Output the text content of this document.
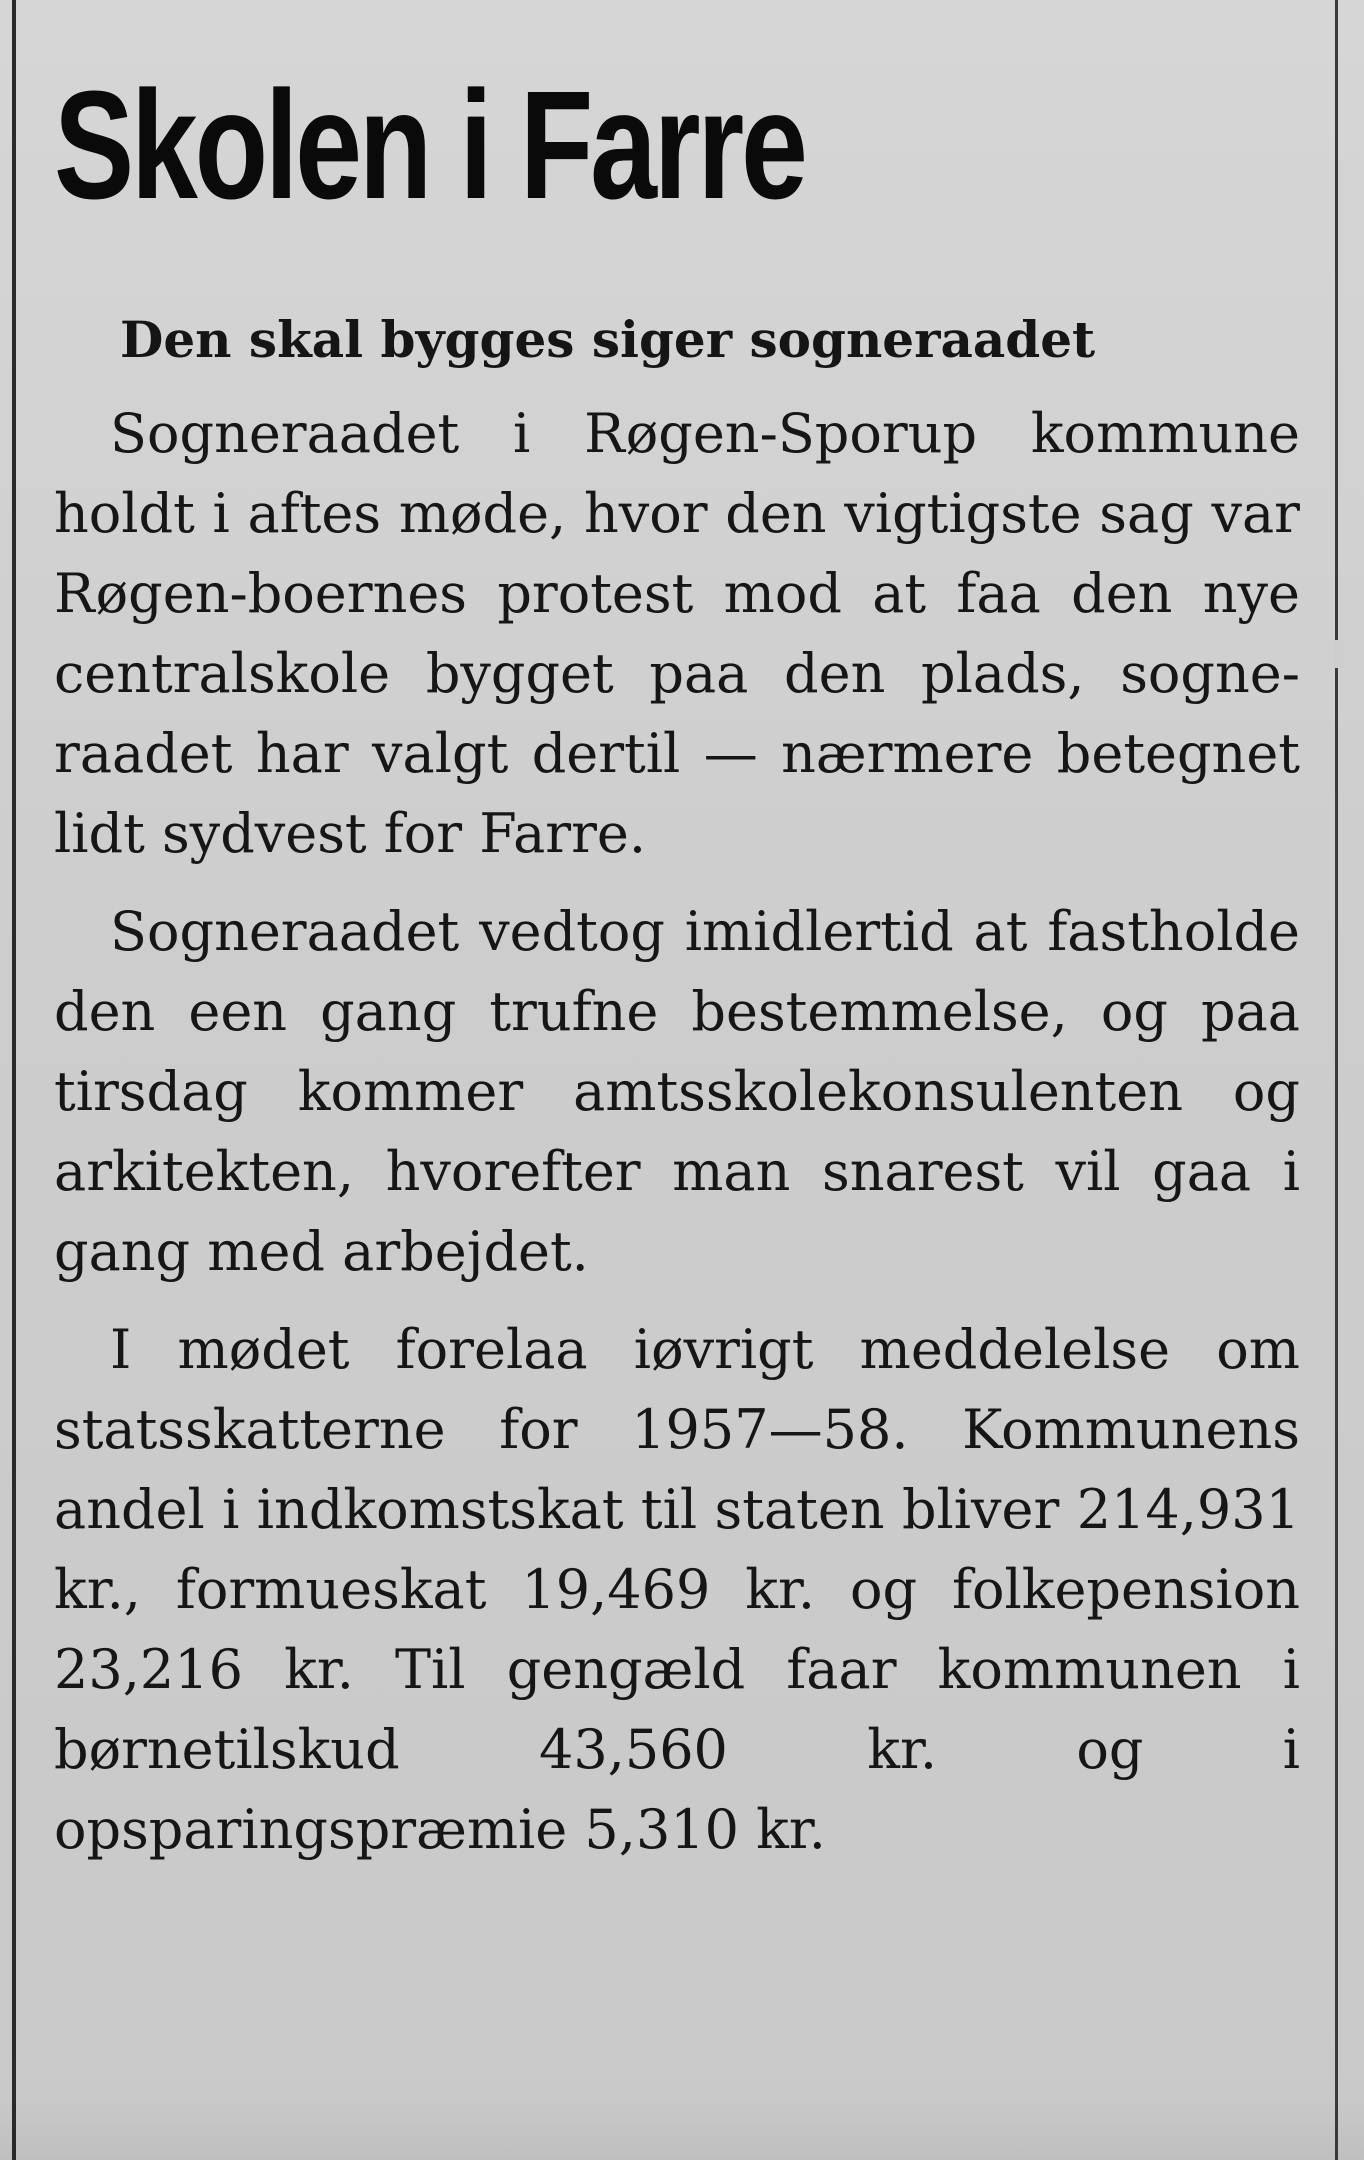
Skolen i Farre
Den skal bygges siger sogneraadet

Sogneraadet i Røgen-Sporup kommune holdt i aftes møde, hvor den vigtigste sag var Røgen-boernes protest mod at faa den nye centralskole bygget paa den plads, sogneraadet har valgt dertil — nærmere betegnet lidt sydvest for Farre.

Sogneraadet vedtog imidlertid at fastholde den een gang trufne bestemmelse, og paa tirsdag kommer amtsskolekonsulenten og arkitekten, hvorefter man snarest vil gaa i gang med arbejdet.

I mødet forelaa iøvrigt meddelelse om statsskatterne for 1957—58. Kommunens andel i indkomstskat til staten bliver 214,931 kr., formueskat 19,469 kr. og folkepension 23,216 kr. Til gengæld faar kommunen i børnetilskud 43,560 kr. og i opsparingspræmie 5,310 kr.
